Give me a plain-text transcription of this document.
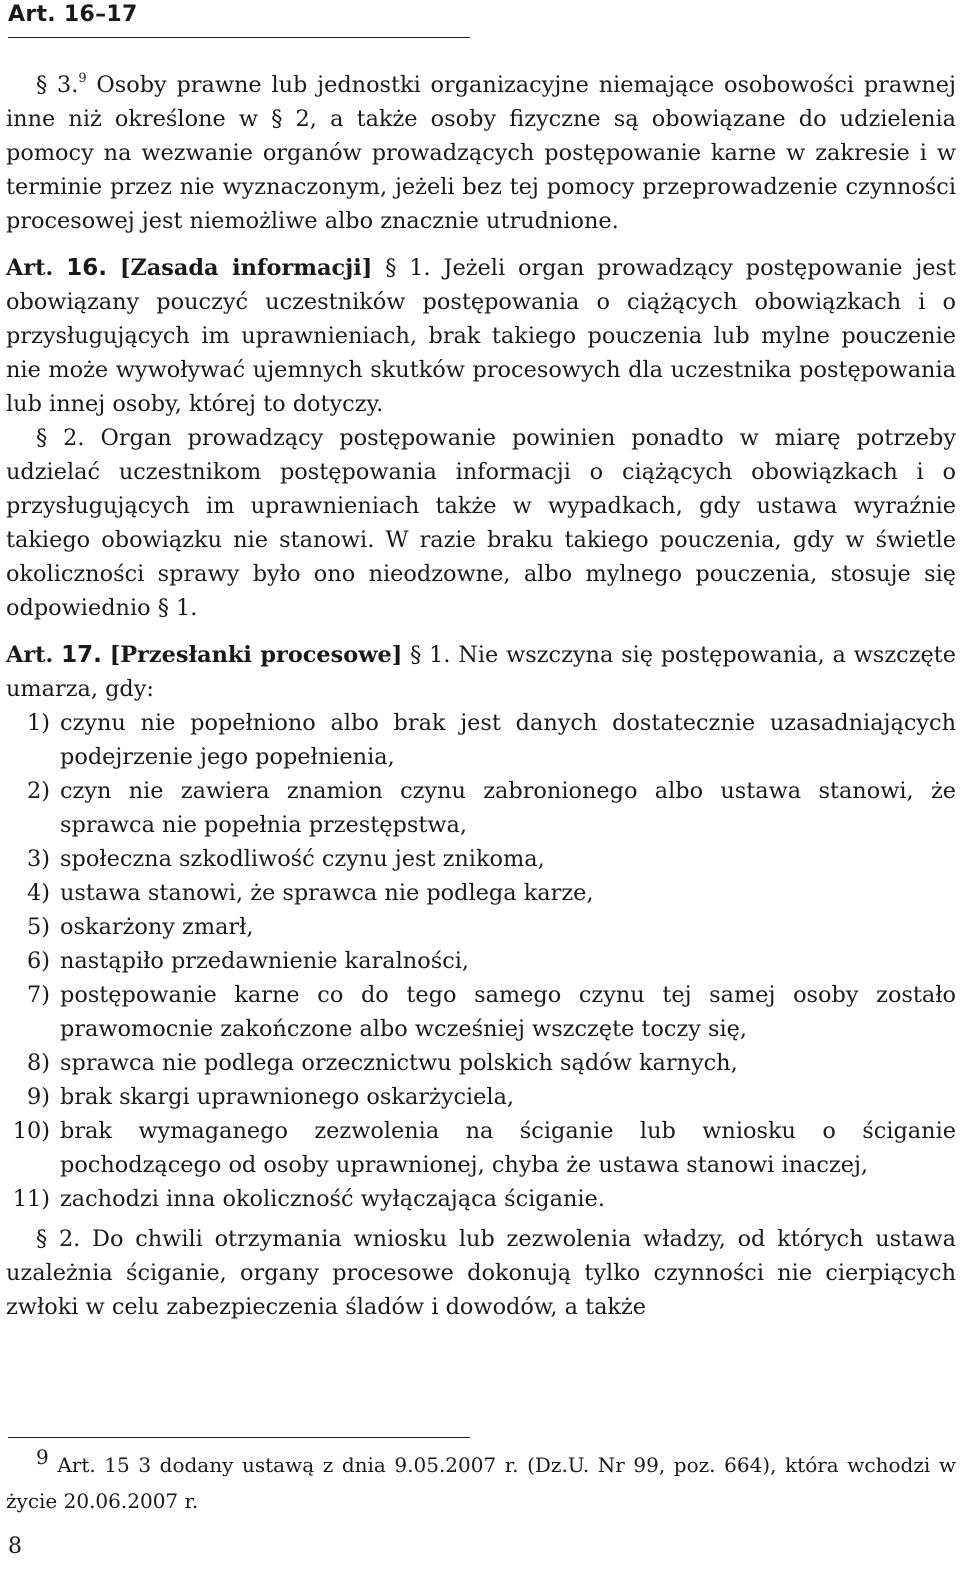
Art. 16–17

§ 3.$^9$ Osoby prawne lub jednostki organizacyjne niemające osobowości prawnej inne niż określone w § 2, a także osoby fizyczne są obowiązane do udzielenia pomocy na wezwanie organów prowadzących postępowanie karne w zakresie i w terminie przez nie wyznaczonym, jeżeli bez tej pomocy przeprowadzenie czynności procesowej jest niemożliwe albo znacznie utrudnione.

Art. 16. [Zasada informacji] § 1. Jeżeli organ prowadzący postępowanie jest obowiązany pouczyć uczestników postępowania o ciążących obowiązkach i o przysługujących im uprawnieniach, brak takiego pouczenia lub mylne pouczenie nie może wywoływać ujemnych skutków procesowych dla uczestnika postępowania lub innej osoby, której to dotyczy.

§ 2. Organ prowadzący postępowanie powinien ponadto w miarę potrzeby udzielać uczestnikom postępowania informacji o ciążących obowiązkach i o przysługujących im uprawnieniach także w wypadkach, gdy ustawa wyraźnie takiego obowiązku nie stanowi. W razie braku takiego pouczenia, gdy w świetle okoliczności sprawy było ono nieodzowne, albo mylnego pouczenia, stosuje się odpowiednio § 1.

Art. 17. [Przesłanki procesowe] § 1. Nie wszczyna się postępowania, a wszczęte umarza, gdy:

1) czynu nie popełniono albo brak jest danych dostatecznie uzasadniających podejrzenie jego popełnienia,
2) czyn nie zawiera znamion czynu zabronionego albo ustawa stanowi, że sprawca nie popełnia przestępstwa,
3) społeczna szkodliwość czynu jest znikoma,
4) ustawa stanowi, że sprawca nie podlega karze,
5) oskarżony zmarł,
6) nastąpiło przedawnienie karalności,
7) postępowanie karne co do tego samego czynu tej samej osoby zostało prawomocnie zakończone albo wcześniej wszczęte toczy się,
8) sprawca nie podlega orzecznictwu polskich sądów karnych,
9) brak skargi uprawnionego oskarżyciela,
10) brak wymaganego zezwolenia na ściganie lub wniosku o ściganie pochodzącego od osoby uprawnionej, chyba że ustawa stanowi inaczej,
11) zachodzi inna okoliczność wyłączająca ściganie.

§ 2. Do chwili otrzymania wniosku lub zezwolenia władzy, od których ustawa uzależnia ściganie, organy procesowe dokonują tylko czynności nie cierpiących zwłoki w celu zabezpieczenia śladów i dowodów, a także

$^9$ Art. 15 3 dodany ustawą z dnia 9.05.2007 r. (Dz.U. Nr 99, poz. 664), która wchodzi w życie 20.06.2007 r.

8
